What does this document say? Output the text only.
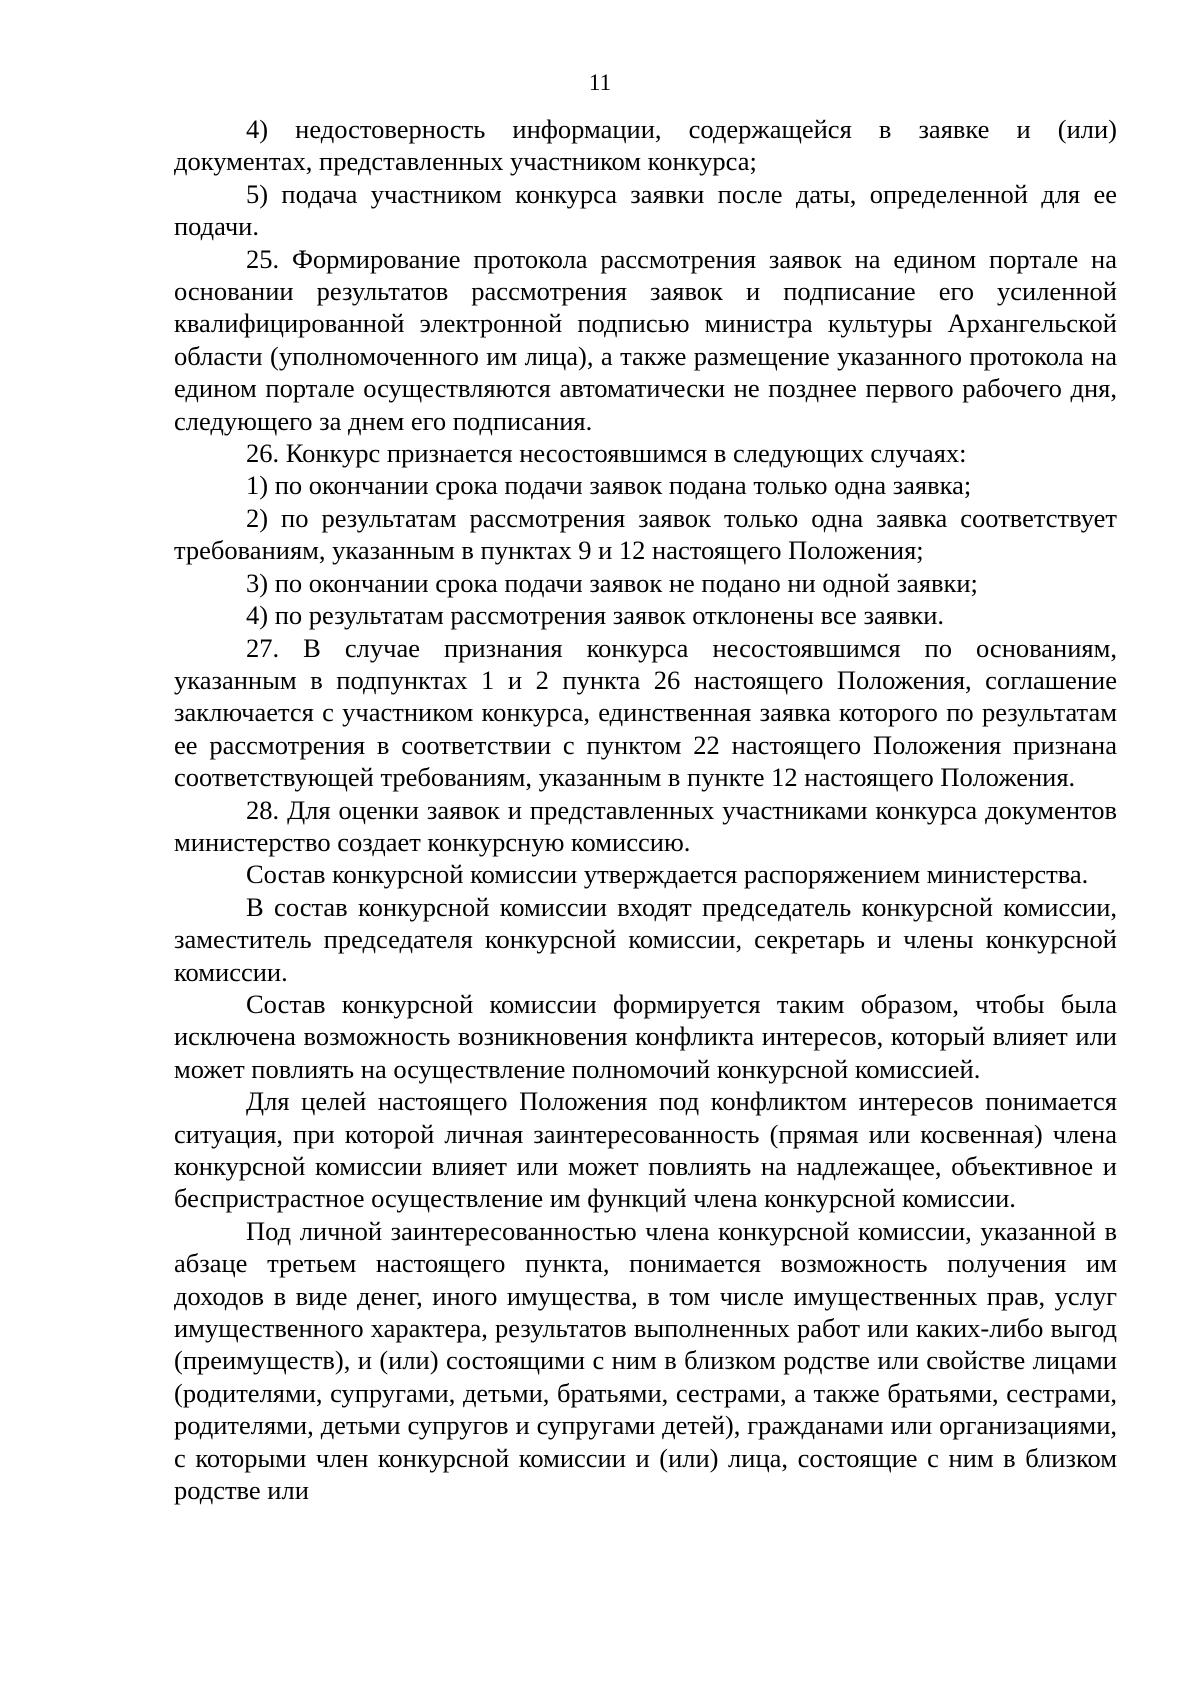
11

4) недостоверность информации, содержащейся в заявке и (или) документах, представленных участником конкурса;

5) подача участником конкурса заявки после даты, определенной для ее подачи.

25. Формирование протокола рассмотрения заявок на едином портале на основании результатов рассмотрения заявок и подписание его усиленной квалифицированной электронной подписью министра культуры Архангельской области (уполномоченного им лица), а также размещение указанного протокола на едином портале осуществляются автоматически не позднее первого рабочего дня, следующего за днем его подписания.

26. Конкурс признается несостоявшимся в следующих случаях:

1) по окончании срока подачи заявок подана только одна заявка;

2) по результатам рассмотрения заявок только одна заявка соответствует требованиям, указанным в пунктах 9 и 12 настоящего Положения;

3) по окончании срока подачи заявок не подано ни одной заявки;

4) по результатам рассмотрения заявок отклонены все заявки.

27. В случае признания конкурса несостоявшимся по основаниям, указанным в подпунктах 1 и 2 пункта 26 настоящего Положения, соглашение заключается с участником конкурса, единственная заявка которого по результатам ее рассмотрения в соответствии с пунктом 22 настоящего Положения признана соответствующей требованиям, указанным в пункте 12 настоящего Положения.

28. Для оценки заявок и представленных участниками конкурса документов министерство создает конкурсную комиссию.

Состав конкурсной комиссии утверждается распоряжением министерства.

В состав конкурсной комиссии входят председатель конкурсной комиссии, заместитель председателя конкурсной комиссии, секретарь и члены конкурсной комиссии.

Состав конкурсной комиссии формируется таким образом, чтобы была исключена возможность возникновения конфликта интересов, который влияет или может повлиять на осуществление полномочий конкурсной комиссией.

Для целей настоящего Положения под конфликтом интересов понимается ситуация, при которой личная заинтересованность (прямая или косвенная) члена конкурсной комиссии влияет или может повлиять на надлежащее, объективное и беспристрастное осуществление им функций члена конкурсной комиссии.

Под личной заинтересованностью члена конкурсной комиссии, указанной в абзаце третьем настоящего пункта, понимается возможность получения им доходов в виде денег, иного имущества, в том числе имущественных прав, услуг имущественного характера, результатов выполненных работ или каких-либо выгод (преимуществ), и (или) состоящими с ним в близком родстве или свойстве лицами (родителями, супругами, детьми, братьями, сестрами, а также братьями, сестрами, родителями, детьми супругов и супругами детей), гражданами или организациями, с которыми член конкурсной комиссии и (или) лица, состоящие с ним в близком родстве или
